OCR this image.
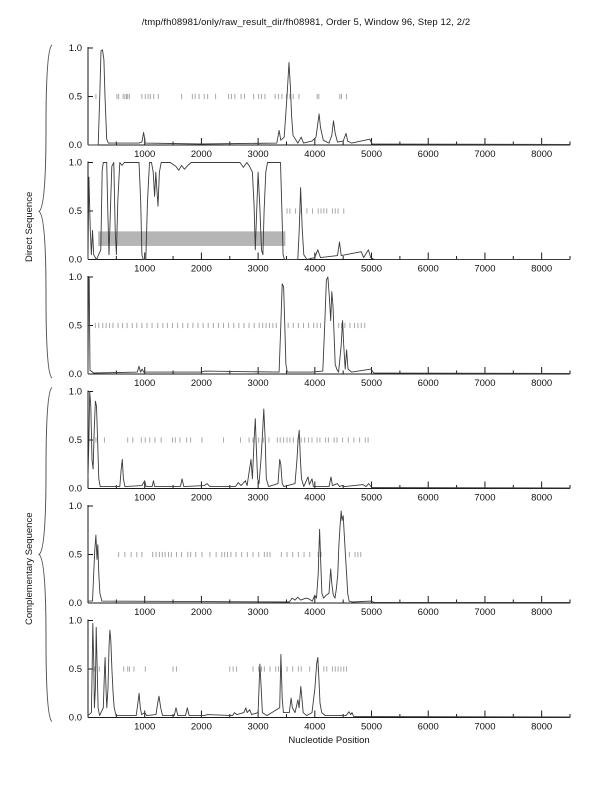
/tmp/fh08981/only/raw_result_dir/fh08981, Order 5, Window 96, Step 12, 2/2
Direct Sequence
Complementary Sequence
0.0
0.5
1.0
1000	2000	3000	4000	5000	6000	7000	8000
0.0
0.5
1.0
1000	2000	3000	4000	5000	6000	7000	8000
0.0
0.5
1.0
1000	2000	3000	4000	5000	6000	7000	8000
0.0
0.5
1.0
1000	2000	3000	4000	5000	6000	7000	8000
0.0
0.5
1.0
1000	2000	3000	4000	5000	6000	7000	8000
0.0
0.5
1.0
1000	2000	3000	4000	5000	6000	7000	8000
Nucleotide Position
